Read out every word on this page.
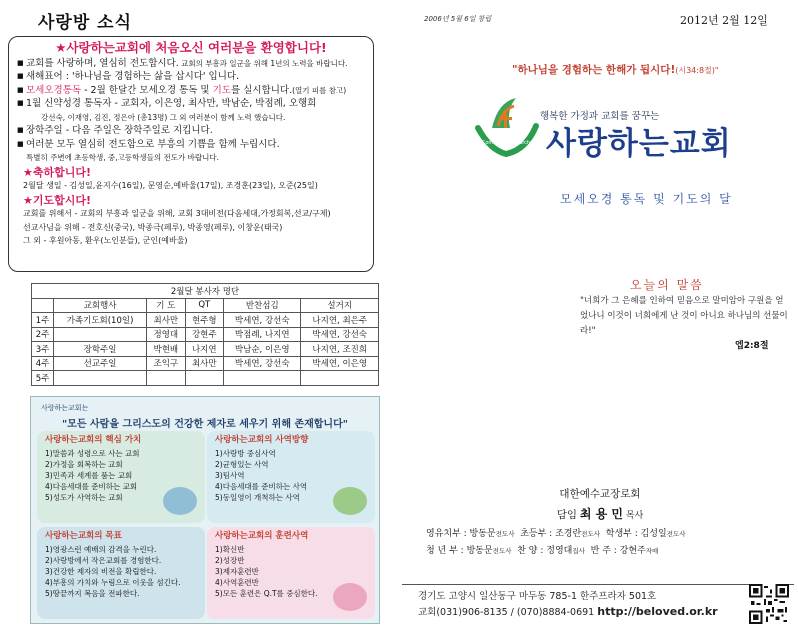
사랑방 소식
★사랑하는교회에 처음오신 여러분을 환영합니다!
■ 교회를 사랑하며, 열심히 전도합시다. 교회의 부흥과 일군을 위해 1년의 노력을 바랍니다.
■ 새해표어 : '하나님을 경험하는 삶을 삽시다' 입니다.
■ 모세오경통독 - 2월 한달간 모세오경 통독 및 기도를 실시합니다.(열기 피를 참고)
■ 1월 신약성경 통독자 - 교회자, 이은영, 최사만, 박남순, 박점례, 오행희
강선숙, 이재영, 김진, 정은아 (총13명) 그 외 여러분이 함께 노력 했습니다.
■ 장학주일 - 다음 주일은 장학주일로 지킵니다.
■ 여러분 모두 열심히 전도함으로 부흥의 기쁨을 함께 누립시다.
특별히 주변에 초등학생, 중,고등학생들의 전도가 바랍니다.
★축하합니다!
2월달 생일 - 김성일,윤지수(16일), 문영순,예바울(17일), 조경훈(23일), 오준(25일)
★기도합시다!
교회를 위해서 - 교회의 부흥과 일군을 위해, 교회 3대비전(다음세대,가정회복,선교/구제)
선교사님을 위해 - 전호신(중국), 박종극(페루), 박종영(페루), 이창운(태국)
그 외 - 후원아동, 환우(노인분들), 군인(예바울)
2월달 봉사자 명단					
	교회행사	기 도	QT	반찬섬김	설거지
1주	가족기도회(10일)	최사만	현주형	박세연, 강선숙	나지연, 최은주
2주		정영대	강현주	박점례, 나지연	박세연, 강선숙
3주	장학주일	박현배	나지연	박남순, 이은영	나지연, 조진희
4주	선교주일	조익구	최사만	박세연, 강선숙	박세연, 이은영
5주					
사랑하는교회는
"모든 사람을 그리스도의 건강한 제자로 세우기 위해 존재합니다"
사랑하는교회의 핵심 가치
1)말씀과 성령으로 사는 교회
2)가정을 회복하는 교회
3)민족과 세계를 품는 교회
4)다음세대를 준비하는 교회
5)성도가 사역하는 교회
사랑하는교회의 사역방향
1)사랑방 중심사역
2)균형있는 사역
3)팀사역
4)다음세대를 준비하는 사역
5)동일영이 개척하는 사역
사랑하는교회의 목표
1)영광스런 예배의 감격을 누린다.
2)사랑방에서 작은교회를 경험한다.
3)건강한 제자의 비전을 확립한다.
4)부흥의 가치와 누림으로 이웃을 섬긴다.
5)땅끝까지 복음을 전파한다.
사랑하는교회의 훈련사역
1)확신반
2)성장반
3)제자훈련반
4)사역훈련반
5)모든 훈련은 Q.T를 중심한다.
2006년 5월 6일 창립	2012년 2월 12일
"하나님을 경험하는 한해가 됩시다!(시34:8절)"
Community Church
행복한 가정과 교회를 꿈꾸는
사랑하는교회
모세오경 통독 및 기도의 달
오늘의 말씀
"너희가 그 은혜를 인하여 믿음으로 말미암아 구원을 얻었나니 이것이 너희에게 난 것이 아니요 하나님의 선물이라!"
엡2:8절
대한예수교장로회
담임 최 용 민 목사
영유치부 : 방동문전도사 초등부 : 조경란전도사 학생부 : 김성일전도사
청 년 부 : 방동문전도사 찬 양 : 정영대집사 반 주 : 강현주자매
경기도 고양시 일산동구 마두동 785-1 한주프라자 501호
교회(031)906-8135 / (070)8884-0691 http://beloved.or.kr
